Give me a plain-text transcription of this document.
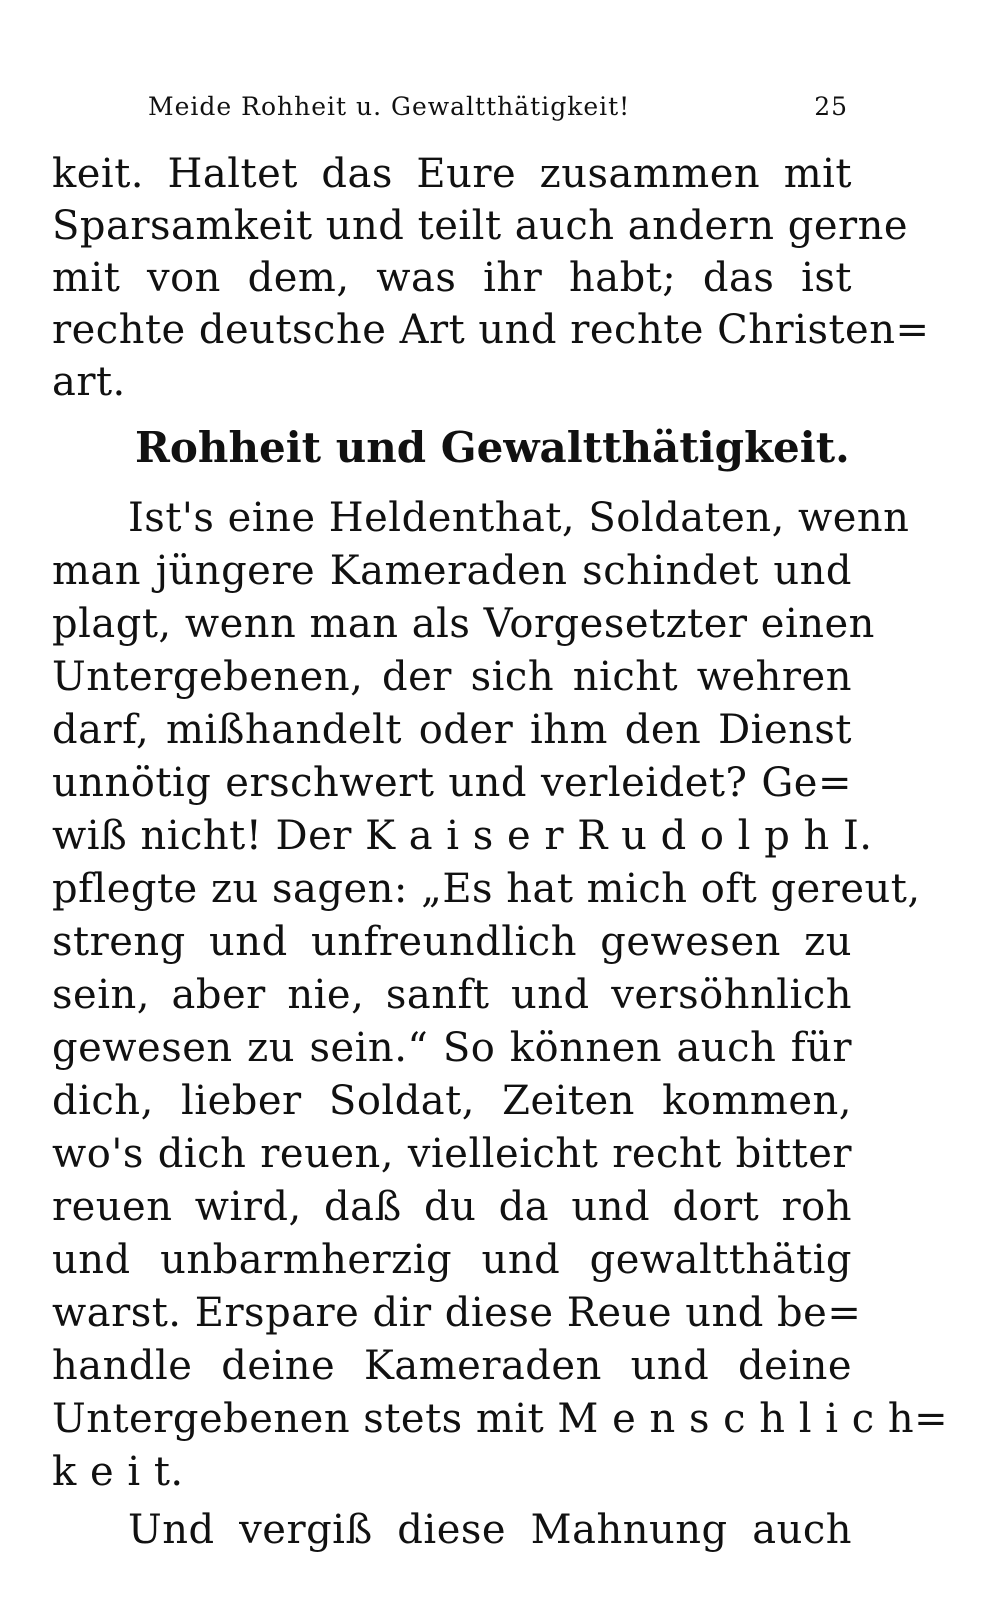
Meide Rohheit u. Gewaltthätigkeit!	25
keit. Haltet das Eure zusammen mit
Sparsamkeit und teilt auch andern gerne
mit von dem, was ihr habt; das ist
rechte deutsche Art und rechte Christen=
art.
Rohheit und Gewaltthätigkeit.
Ist's eine Heldenthat, Soldaten, wenn
man jüngere Kameraden schindet und
plagt, wenn man als Vorgesetzter einen
Untergebenen, der sich nicht wehren
darf, mißhandelt oder ihm den Dienst
unnötig erschwert und verleidet? Ge=
wiß nicht! Der K a i s e r R u d o l p h I.
pflegte zu sagen: „Es hat mich oft gereut,
streng und unfreundlich gewesen zu
sein, aber nie, sanft und versöhnlich
gewesen zu sein.“ So können auch für
dich, lieber Soldat, Zeiten kommen,
wo's dich reuen, vielleicht recht bitter
reuen wird, daß du da und dort roh
und unbarmherzig und gewaltthätig
warst. Erspare dir diese Reue und be=
handle deine Kameraden und deine
Untergebenen stets mit M e n s c h l i c h=
k e i t.
Und vergiß diese Mahnung auch
